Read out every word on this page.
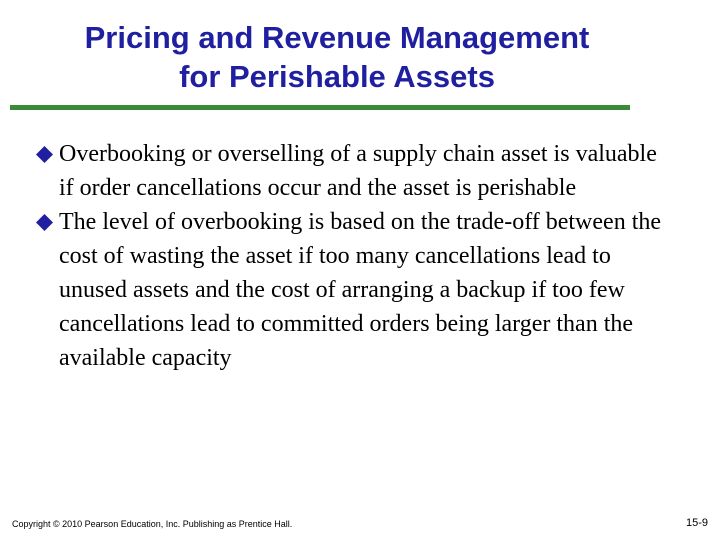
Pricing and Revenue Management
for Perishable Assets
Overbooking or overselling of a supply chain asset is valuable if order cancellations occur and the asset is perishable
The level of overbooking is based on the trade-off between the cost of wasting the asset if too many cancellations lead to unused assets and the cost of arranging a backup if too few cancellations lead to committed orders being larger than the available capacity
Copyright © 2010 Pearson Education, Inc. Publishing as Prentice Hall.	15-9
